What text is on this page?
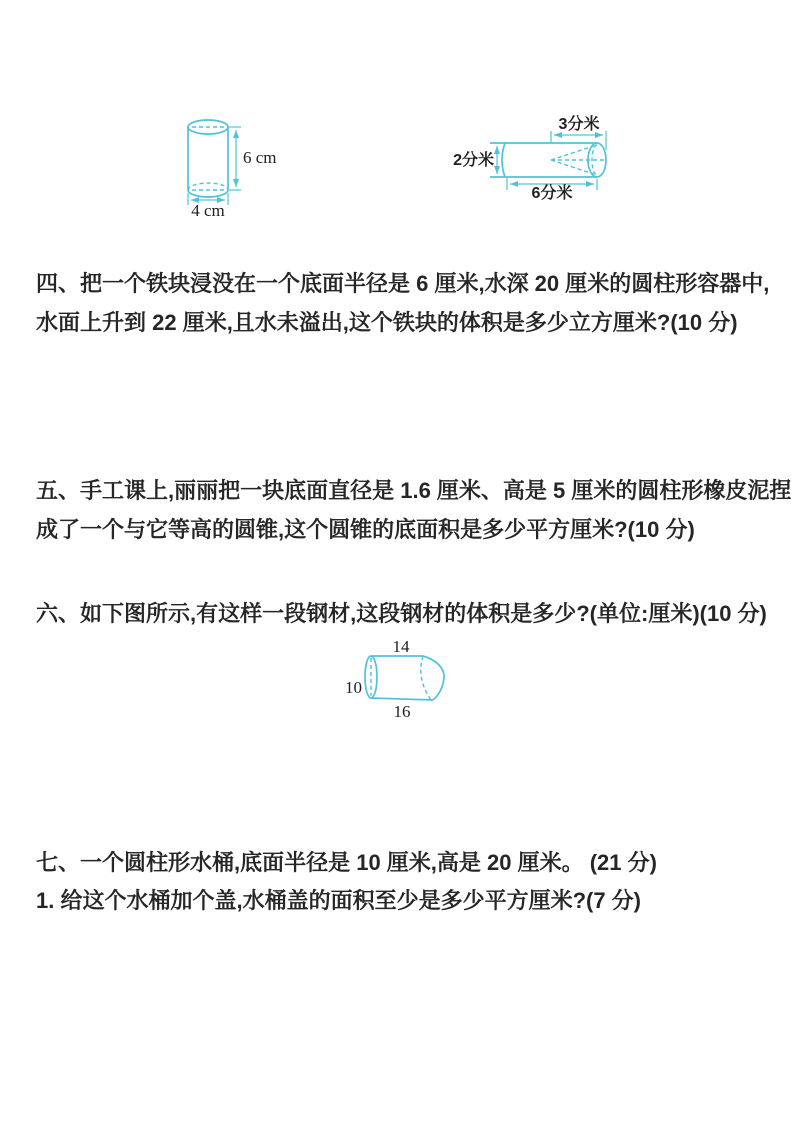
6 cm
4 cm
3分米
2分米
6分米
四、把一个铁块浸没在一个底面半径是 6 厘米,水深 20 厘米的圆柱形容器中,
水面上升到 22 厘米,且水未溢出,这个铁块的体积是多少立方厘米?(10 分)
五、手工课上,丽丽把一块底面直径是 1.6 厘米、高是 5 厘米的圆柱形橡皮泥捏
成了一个与它等高的圆锥,这个圆锥的底面积是多少平方厘米?(10 分)
六、如下图所示,有这样一段钢材,这段钢材的体积是多少?(单位:厘米)(10 分)
14
10
16
七、一个圆柱形水桶,底面半径是 10 厘米,高是 20 厘米。 (21 分)
1. 给这个水桶加个盖,水桶盖的面积至少是多少平方厘米?(7 分)
